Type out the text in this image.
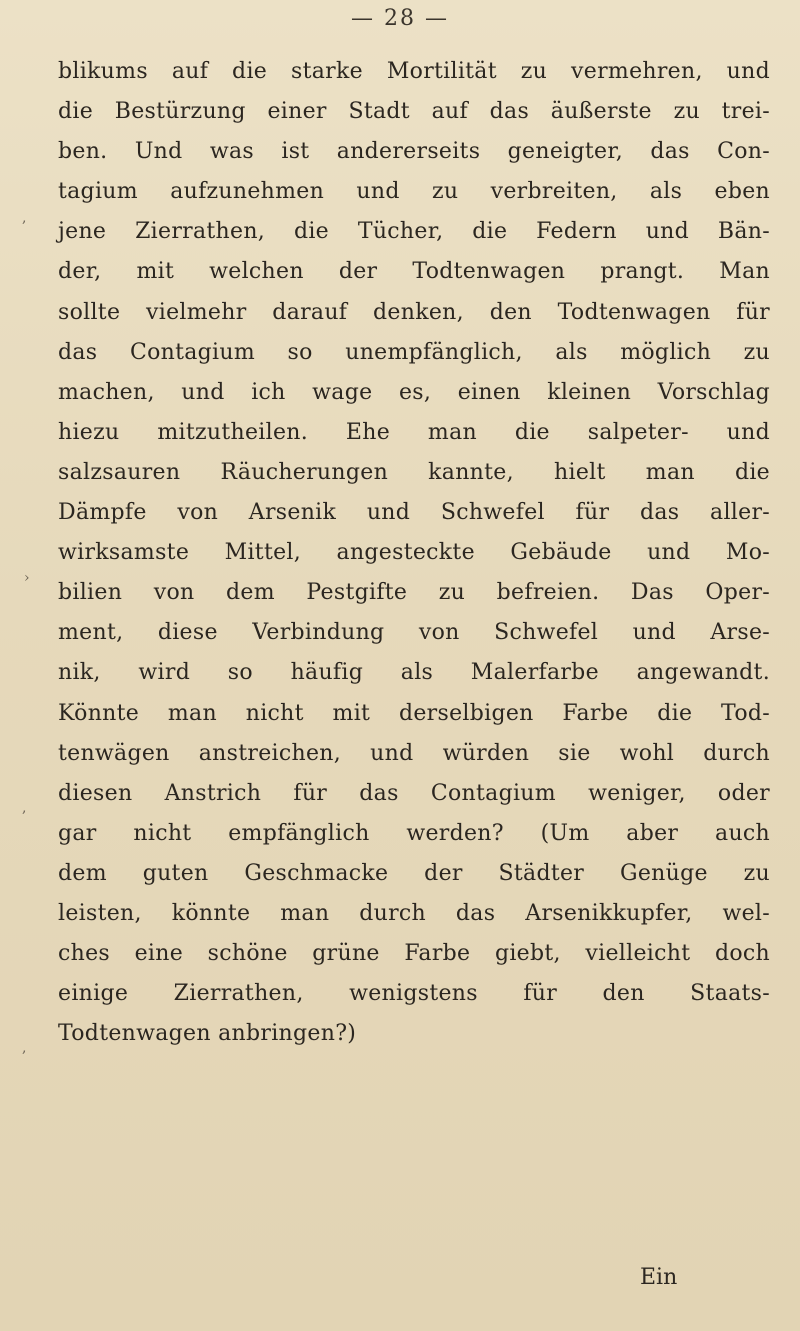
— 28 —
,
›
,
,
blikums auf die starke Mortilität zu vermehren, und
die Bestürzung einer Stadt auf das äußerste zu trei-
ben. Und was ist andererseits geneigter, das Con-
tagium aufzunehmen und zu verbreiten, als eben
jene Zierrathen, die Tücher, die Federn und Bän-
der, mit welchen der Todtenwagen prangt. Man
sollte vielmehr darauf denken, den Todtenwagen für
das Contagium so unempfänglich, als möglich zu
machen, und ich wage es, einen kleinen Vorschlag
hiezu mitzutheilen. Ehe man die salpeter- und
salzsauren Räucherungen kannte, hielt man die
Dämpfe von Arsenik und Schwefel für das aller-
wirksamste Mittel, angesteckte Gebäude und Mo-
bilien von dem Pestgifte zu befreien. Das Oper-
ment, diese Verbindung von Schwefel und Arse-
nik, wird so häufig als Malerfarbe angewandt.
Könnte man nicht mit derselbigen Farbe die Tod-
tenwägen anstreichen, und würden sie wohl durch
diesen Anstrich für das Contagium weniger, oder
gar nicht empfänglich werden? (Um aber auch
dem guten Geschmacke der Städter Genüge zu
leisten, könnte man durch das Arsenikkupfer, wel-
ches eine schöne grüne Farbe giebt, vielleicht doch
einige Zierrathen, wenigstens für den Staats-
Todtenwagen anbringen?)
Ein
